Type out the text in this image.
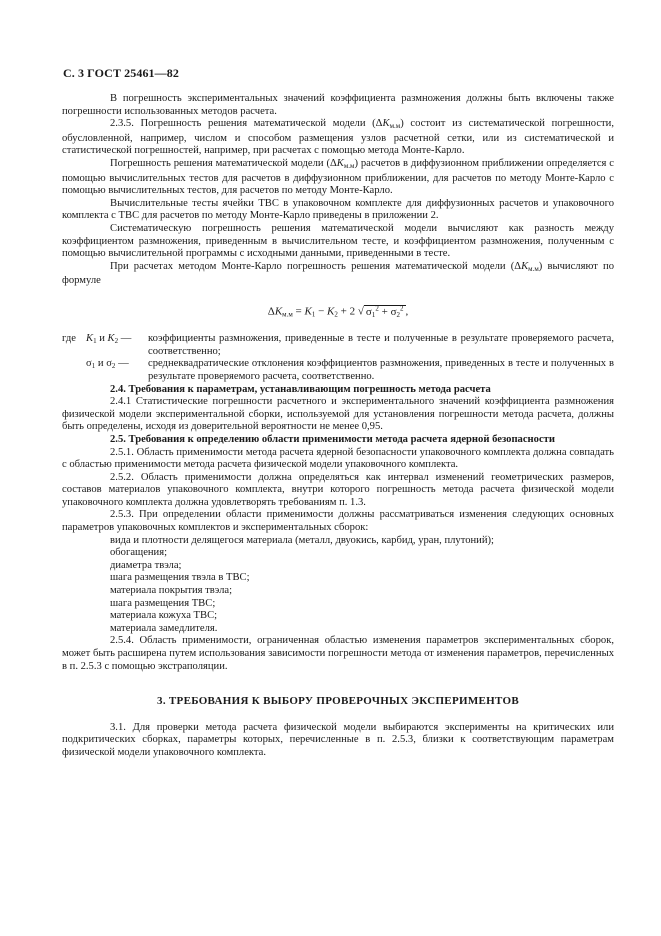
С. 3 ГОСТ 25461—82

В погрешность экспериментальных значений коэффициента размножения должны быть включены также погрешности использованных методов расчета.

2.3.5. Погрешность решения математической модели $(\Delta K_{м.м})$ состоит из систематической погрешности, обусловленной, например, числом и способом размещения узлов расчетной сетки, или из систематической и статистической погрешностей, например, при расчетах с помощью метода Монте-Карло.

Погрешность решения математической модели $(\Delta K_{м.м})$ расчетов в диффузионном приближении определяется с помощью вычислительных тестов для расчетов в диффузионном приближении, для расчетов по методу Монте-Карло с помощью вычислительных тестов, для расчетов по методу Монте-Карло.

Вычислительные тесты ячейки ТВС в упаковочном комплекте для диффузионных расчетов и упаковочного комплекта с ТВС для расчетов по методу Монте-Карло приведены в приложении 2.

Систематическую погрешность решения математической модели вычисляют как разность между коэффициентом размножения, приведенным в вычислительном тесте, и коэффициентом размножения, полученным с помощью вычислительной программы с исходными данными, приведенными в тесте.

При расчетах методом Монте-Карло погрешность решения математической модели $(\Delta K_{м.м})$ вычисляют по формуле

$\Delta K_{м.м} = K_1 - K_2 + 2$ √ $\sigma_1^2 + \sigma_2^2$ ,
где $K_1$ и $K_2$ —	коэффициенты размножения, приведенные в тесте и полученные в результате проверяемого расчета, соответственно;
$\sigma_1$ и $\sigma_2$ —	среднеквадратические отклонения коэффициентов размножения, приведенных в тесте и полученных в результате проверяемого расчета, соответственно.

2.4. Требования к параметрам, устанавливающим погрешность метода расчета

2.4.1 Статистические погрешности расчетного и экспериментального значений коэффициента размножения физической модели экспериментальной сборки, используемой для установления погрешности метода расчета, должны быть определены, исходя из доверительной вероятности не менее 0,95.

2.5. Требования к определению области применимости метода расчета ядерной безопасности

2.5.1. Область применимости метода расчета ядерной безопасности упаковочного комплекта должна совпадать с областью применимости метода расчета физической модели упаковочного комплекта.

2.5.2. Область применимости должна определяться как интервал изменений геометрических размеров, составов материалов упаковочного комплекта, внутри которого погрешность метода расчета физической модели упаковочного комплекта должна удовлетворять требованиям п. 1.3.

2.5.3. При определении области применимости должны рассматриваться изменения следующих основных параметров упаковочных комплектов и экспериментальных сборок:

вида и плотности делящегося материала (металл, двуокись, карбид, уран, плутоний);

обогащения;

диаметра твэла;

шага размещения твэла в ТВС;

материала покрытия твэла;

шага размещения ТВС;

материала кожуха ТВС;

материала замедлителя.

2.5.4. Область применимости, ограниченная областью изменения параметров экспериментальных сборок, может быть расширена путем использования зависимости погрешности метода от изменения параметров, перечисленных в п. 2.5.3 с помощью экстраполяции.

3. ТРЕБОВАНИЯ К ВЫБОРУ ПРОВЕРОЧНЫХ ЭКСПЕРИМЕНТОВ

3.1. Для проверки метода расчета физической модели выбираются эксперименты на критических или подкритических сборках, параметры которых, перечисленные в п. 2.5.3, близки к соответствующим параметрам физической модели упаковочного комплекта.
